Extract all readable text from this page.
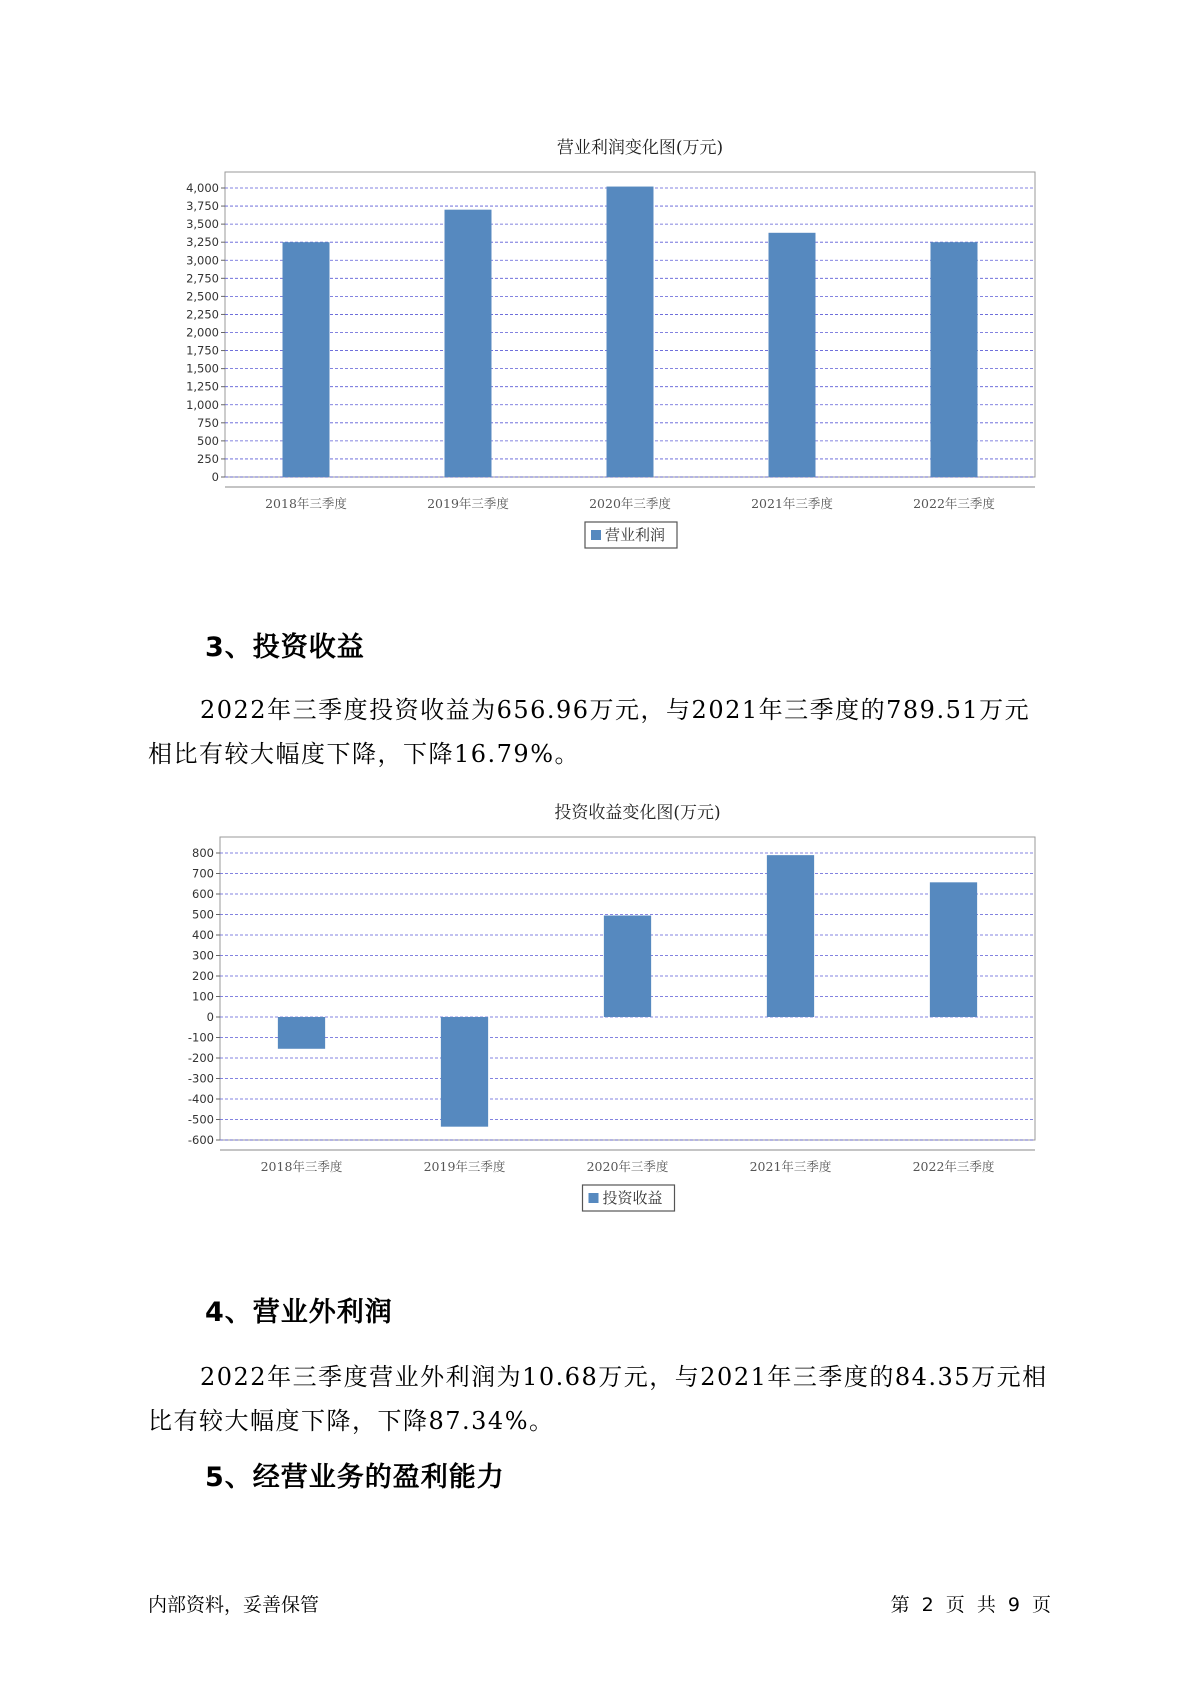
营业利润变化图(万元)
0
250
500
750
1,000
1,250
1,500
1,750
2,000
2,250
2,500
2,750
3,000
3,250
3,500
3,750
4,000
2018年三季度	2019年三季度	2020年三季度	2021年三季度	2022年三季度
营业利润
3、投资收益

2022年三季度投资收益为656.96万元，与2021年三季度的789.51万元相比有较大幅度下降，下降16.79%。

投资收益变化图(万元)
-600
-500
-400
-300
-200
-100
0
100
200
300
400
500
600
700
800
2018年三季度	2019年三季度	2020年三季度	2021年三季度	2022年三季度
投资收益
4、营业外利润

2022年三季度营业外利润为10.68万元，与2021年三季度的84.35万元相比有较大幅度下降，下降87.34%。

5、经营业务的盈利能力
内部资料，妥善保管	第 2 页 共 9 页
